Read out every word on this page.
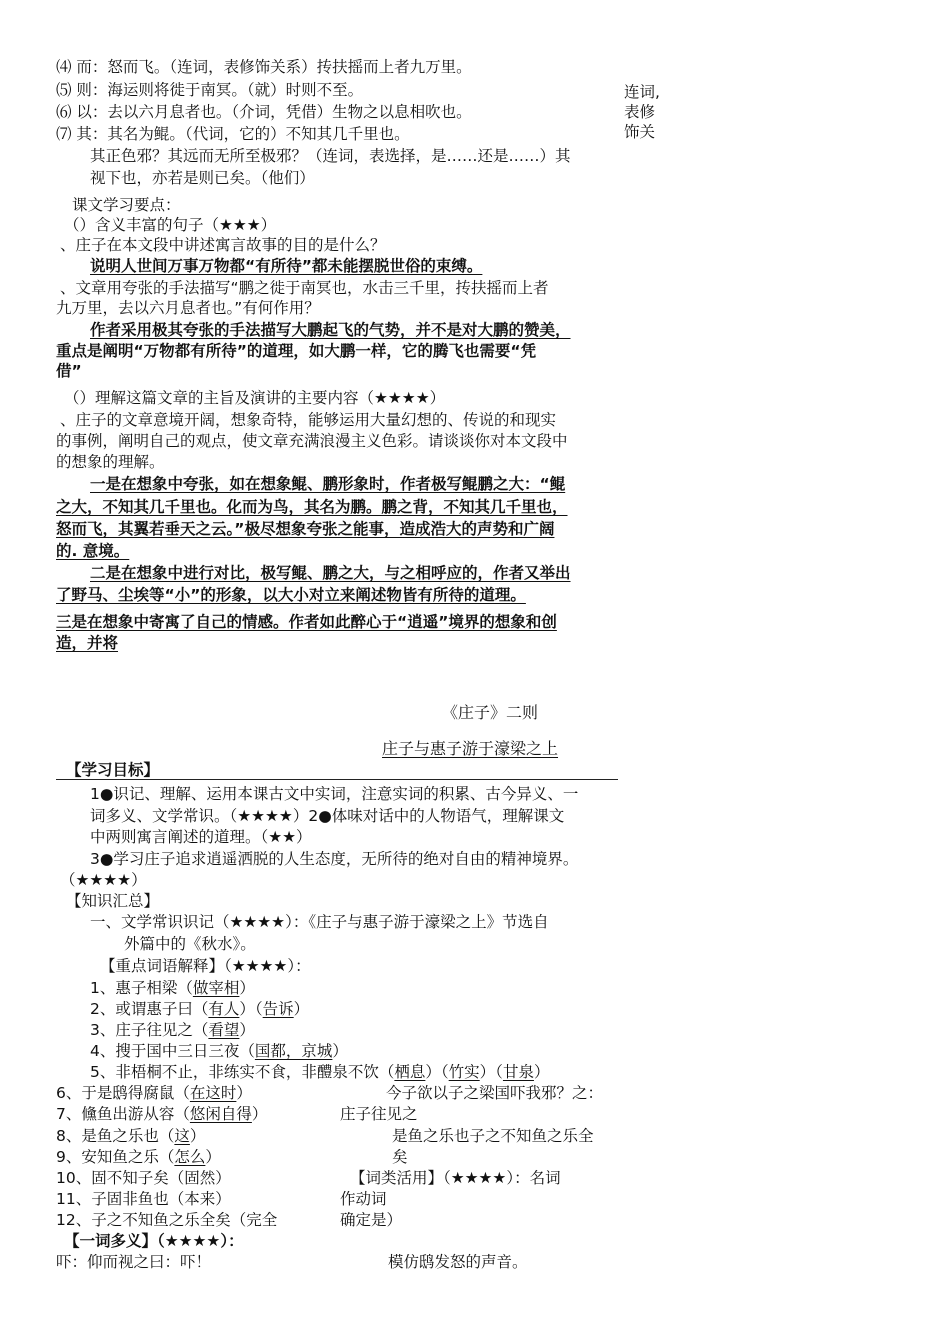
⑷ 而：怒而飞。（连词，表修饰关系）抟扶摇而上者九万里。
⑸ 则：海运则将徙于南冥。（就）时则不至。
⑹ 以：去以六月息者也。（介词，凭借）生物之以息相吹也。
⑺ 其：其名为鲲。（代词，它的）不知其几千里也。
其正色邪？其远而无所至极邪？（连词，表选择，是……还是……）其
视下也，亦若是则已矣。（他们）
连词,
表修
饰关
课文学习要点：
（）含义丰富的句子（★★★）
、庄子在本文段中讲述寓言故事的目的是什么？
说明人世间万事万物都“有所待”都未能摆脱世俗的束缚。
、文章用夸张的手法描写“鹏之徙于南冥也，水击三千里，抟扶摇而上者
九万里，去以六月息者也。”有何作用？
作者采用极其夸张的手法描写大鹏起飞的气势，并不是对大鹏的赞美，
重点是阐明“万物都有所待”的道理，如大鹏一样，它的腾飞也需要“凭
借”
（）理解这篇文章的主旨及演讲的主要内容（★★★★）
、庄子的文章意境开阔，想象奇特，能够运用大量幻想的、传说的和现实
的事例，阐明自己的观点，使文章充满浪漫主义色彩。请谈谈你对本文段中
的想象的理解。
一是在想象中夸张，如在想象鲲、鹏形象时，作者极写鲲鹏之大：“鲲
之大，不知其几千里也。化而为鸟，其名为鹏。鹏之背，不知其几千里也，
怒而飞，其翼若垂天之云。”极尽想象夸张之能事，造成浩大的声势和广阔
的. 意境。
二是在想象中进行对比，极写鲲、鹏之大，与之相呼应的，作者又举出
了野马、尘埃等“小”的形象，以大小对立来阐述物皆有所待的道理。
三是在想象中寄寓了自己的情感。作者如此醉心于“逍遥”境界的想象和创
造，并将
《庄子》二则
庄子与惠子游于濠梁之上
【学习目标】
1●识记、理解、运用本课古文中实词，注意实词的积累、古今异义、一
词多义、文学常识。（★★★★）2●体味对话中的人物语气，理解课文
中两则寓言阐述的道理。（★★）
3●学习庄子追求逍遥洒脱的人生态度，无所待的绝对自由的精神境界。
（★★★★）
【知识汇总】
一、文学常识识记（★★★★）：《庄子与惠子游于濠梁之上》节选自
外篇中的《秋水》。
【重点词语解释】（★★★★）：
1、惠子相梁（做宰相）
2、或谓惠子曰（有人）（告诉）
3、庄子往见之（看望）
4、搜于国中三日三夜（国都，京城）
5、非梧桐不止，非练实不食，非醴泉不饮（栖息）（竹实）（甘泉）
6、于是鸱得腐鼠（在这时）
7、儵鱼出游从容（悠闲自得）
8、是鱼之乐也（这）
9、安知鱼之乐（怎么）
10、固不知子矣（固然）
11、子固非鱼也（本来）
12、子之不知鱼之乐全矣（完全
今子欲以子之梁国吓我邪？之：
庄子往见之
是鱼之乐也子之不知鱼之乐全
矣
【词类活用】（★★★★）：名词
作动词
确定是）
【一词多义】（★★★★）：
吓：仰而视之曰：吓！	模仿鸱发怒的声音。
